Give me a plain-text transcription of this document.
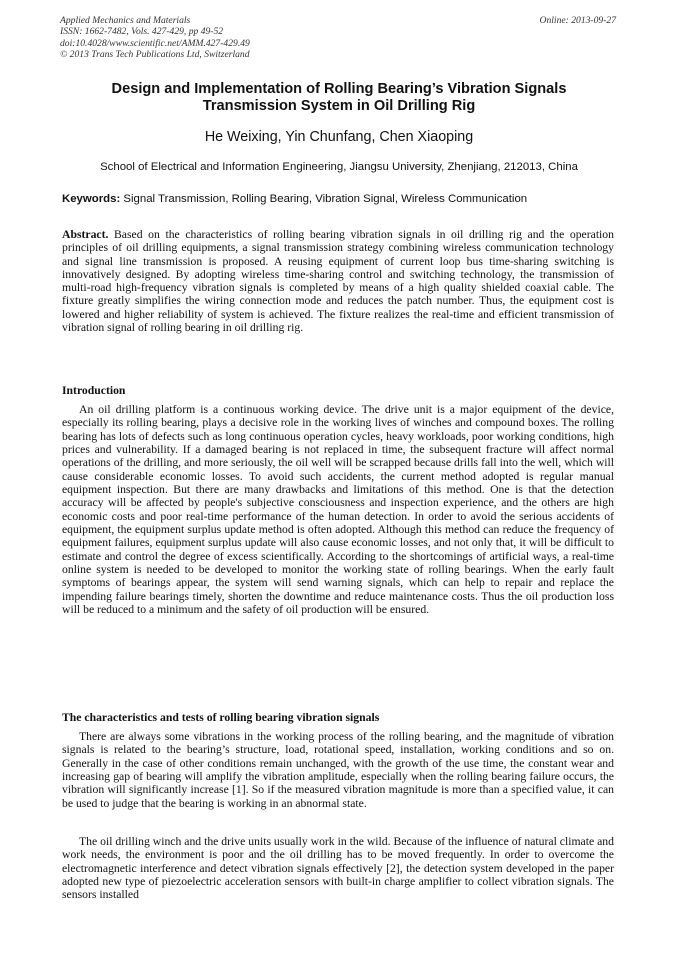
Applied Mechanics and Materials
ISSN: 1662-7482, Vols. 427-429, pp 49-52
doi:10.4028/www.scientific.net/AMM.427-429.49
© 2013 Trans Tech Publications Ltd, Switzerland
Online: 2013-09-27
Design and Implementation of Rolling Bearing’s Vibration Signals
Transmission System in Oil Drilling Rig
He Weixing, Yin Chunfang, Chen Xiaoping
School of Electrical and Information Engineering, Jiangsu University, Zhenjiang, 212013, China
Keywords: Signal Transmission, Rolling Bearing, Vibration Signal, Wireless Communication
Abstract. Based on the characteristics of rolling bearing vibration signals in oil drilling rig and the operation principles of oil drilling equipments, a signal transmission strategy combining wireless communication technology and signal line transmission is proposed. A reusing equipment of current loop bus time-sharing switching is innovatively designed. By adopting wireless time-sharing control and switching technology, the transmission of multi-road high-frequency vibration signals is completed by means of a high quality shielded coaxial cable. The fixture greatly simplifies the wiring connection mode and reduces the patch number. Thus, the equipment cost is lowered and higher reliability of system is achieved. The fixture realizes the real-time and efficient transmission of vibration signal of rolling bearing in oil drilling rig.
Introduction

An oil drilling platform is a continuous working device. The drive unit is a major equipment of the device, especially its rolling bearing, plays a decisive role in the working lives of winches and compound boxes. The rolling bearing has lots of defects such as long continuous operation cycles, heavy workloads, poor working conditions, high prices and vulnerability. If a damaged bearing is not replaced in time, the subsequent fracture will affect normal operations of the drilling, and more seriously, the oil well will be scrapped because drills fall into the well, which will cause considerable economic losses. To avoid such accidents, the current method adopted is regular manual equipment inspection. But there are many drawbacks and limitations of this method. One is that the detection accuracy will be affected by people's subjective consciousness and inspection experience, and the others are high economic costs and poor real-time performance of the human detection. In order to avoid the serious accidents of equipment, the equipment surplus update method is often adopted. Although this method can reduce the frequency of equipment failures, equipment surplus update will also cause economic losses, and not only that, it will be difficult to estimate and control the degree of excess scientifically. According to the shortcomings of artificial ways, a real-time online system is needed to be developed to monitor the working state of rolling bearings. When the early fault symptoms of bearings appear, the system will send warning signals, which can help to repair and replace the impending failure bearings timely, shorten the downtime and reduce maintenance costs. Thus the oil production loss will be reduced to a minimum and the safety of oil production will be ensured.

The characteristics and tests of rolling bearing vibration signals

There are always some vibrations in the working process of the rolling bearing, and the magnitude of vibration signals is related to the bearing’s structure, load, rotational speed, installation, working conditions and so on. Generally in the case of other conditions remain unchanged, with the growth of the use time, the constant wear and increasing gap of bearing will amplify the vibration amplitude, especially when the rolling bearing failure occurs, the vibration will significantly increase [1]. So if the measured vibration magnitude is more than a specified value, it can be used to judge that the bearing is working in an abnormal state.

The oil drilling winch and the drive units usually work in the wild. Because of the influence of natural climate and work needs, the environment is poor and the oil drilling has to be moved frequently. In order to overcome the electromagnetic interference and detect vibration signals effectively [2], the detection system developed in the paper adopted new type of piezoelectric acceleration sensors with built-in charge amplifier to collect vibration signals. The sensors installed
